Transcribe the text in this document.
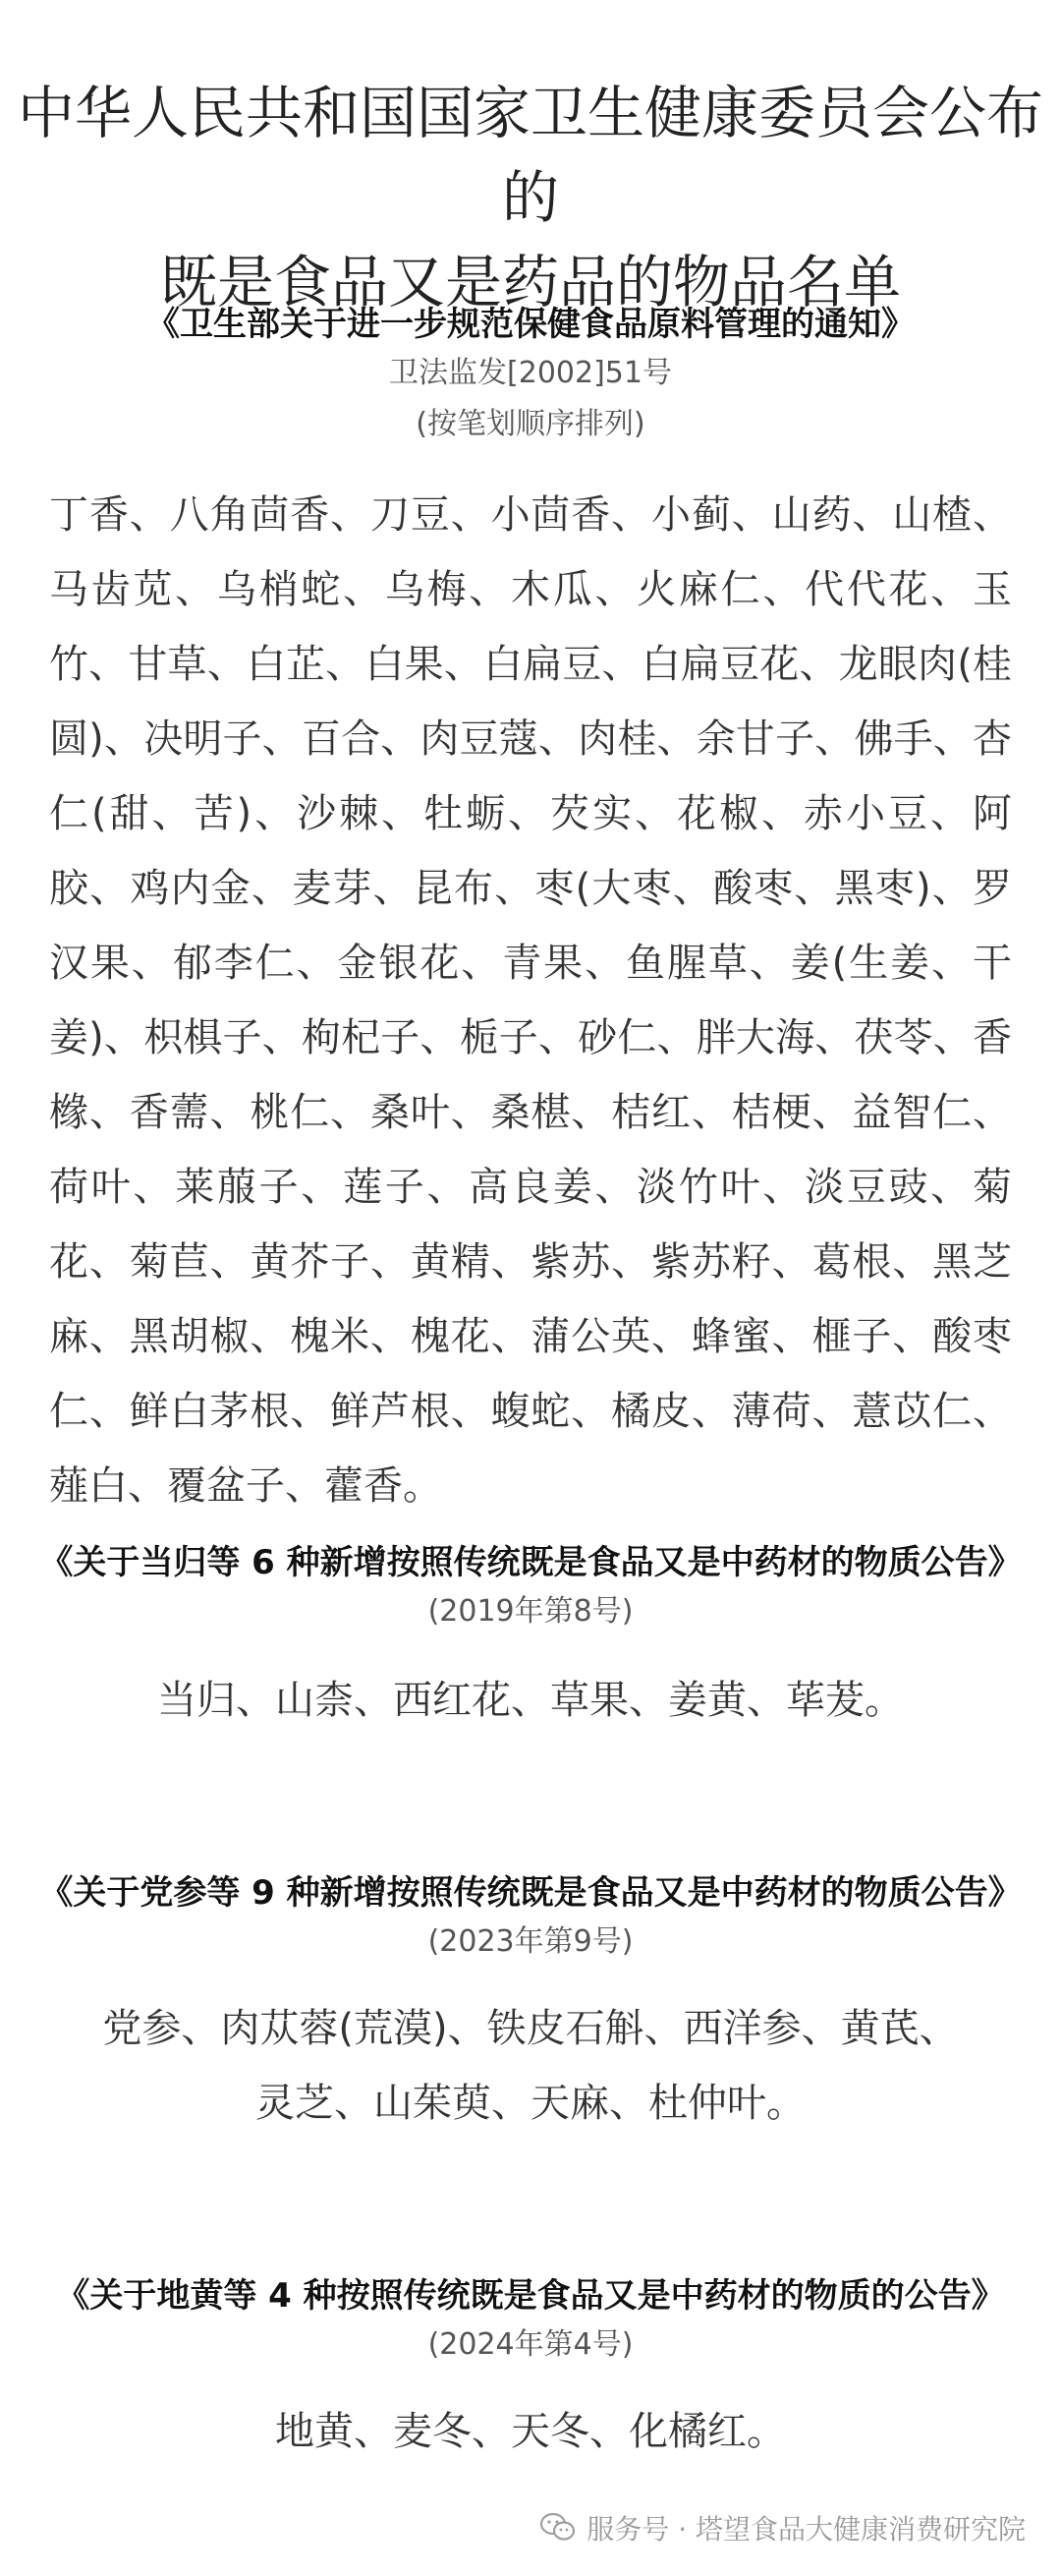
中华人民共和国国家卫生健康委员会公布的
既是食品又是药品的物品名单
《卫生部关于进一步规范保健食品原料管理的通知》
卫法监发[2002]51号
(按笔划顺序排列)
丁香、八角茴香、刀豆、小茴香、小蓟、山药、山楂、马齿苋、乌梢蛇、乌梅、木瓜、火麻仁、代代花、玉竹、甘草、白芷、白果、白扁豆、白扁豆花、龙眼肉(桂圆)、决明子、百合、肉豆蔻、肉桂、余甘子、佛手、杏仁(甜、苦)、沙棘、牡蛎、芡实、花椒、赤小豆、阿胶、鸡内金、麦芽、昆布、枣(大枣、酸枣、黑枣)、罗汉果、郁李仁、金银花、青果、鱼腥草、姜(生姜、干姜)、枳椇子、枸杞子、栀子、砂仁、胖大海、茯苓、香橼、香薷、桃仁、桑叶、桑椹、桔红、桔梗、益智仁、荷叶、莱菔子、莲子、高良姜、淡竹叶、淡豆豉、菊花、菊苣、黄芥子、黄精、紫苏、紫苏籽、葛根、黑芝麻、黑胡椒、槐米、槐花、蒲公英、蜂蜜、榧子、酸枣仁、鲜白茅根、鲜芦根、蝮蛇、橘皮、薄荷、薏苡仁、薤白、覆盆子、藿香。
《关于当归等 6 种新增按照传统既是食品又是中药材的物质公告》
(2019年第8号)
当归、山柰、西红花、草果、姜黄、荜茇。
《关于党参等 9 种新增按照传统既是食品又是中药材的物质公告》
(2023年第9号)
党参、肉苁蓉(荒漠)、铁皮石斛、西洋参、黄芪、
灵芝、山茱萸、天麻、杜仲叶。
《关于地黄等 4 种按照传统既是食品又是中药材的物质的公告》
(2024年第4号)
地黄、麦冬、天冬、化橘红。
服务号 · 塔望食品大健康消费研究院
